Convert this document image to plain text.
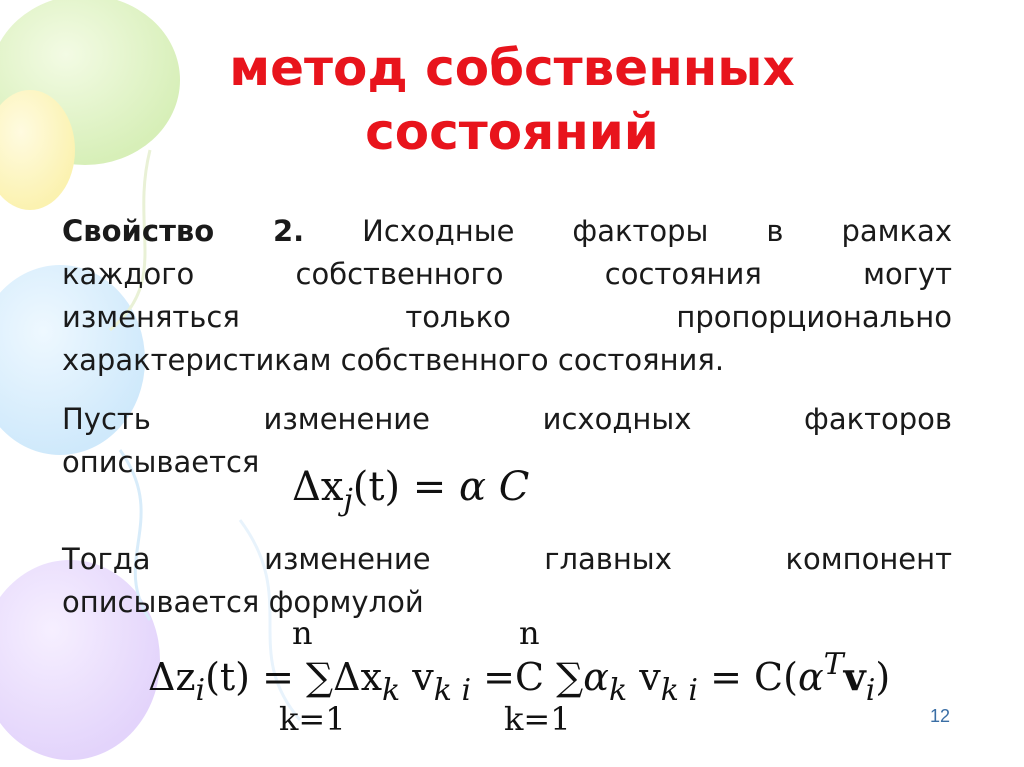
метод собственных
состояний
Свойство 2. Исходные факторы в рамках
каждого собственного состояния могут
изменяться только пропорционально
характеристикам собственного состояния.
Пусть изменение исходных факторов
описывается
$\Delta x_j(t) = \alpha$ C
Тогда изменение главных компонент
описывается формулой
n
k=1
n
k=1
$\Delta z_i(t) = \sum\Delta x_k$ $v_{k i} =C$ $\sum\alpha_k$ $v_{k i} = C(\alpha^Tv_i)$
12
